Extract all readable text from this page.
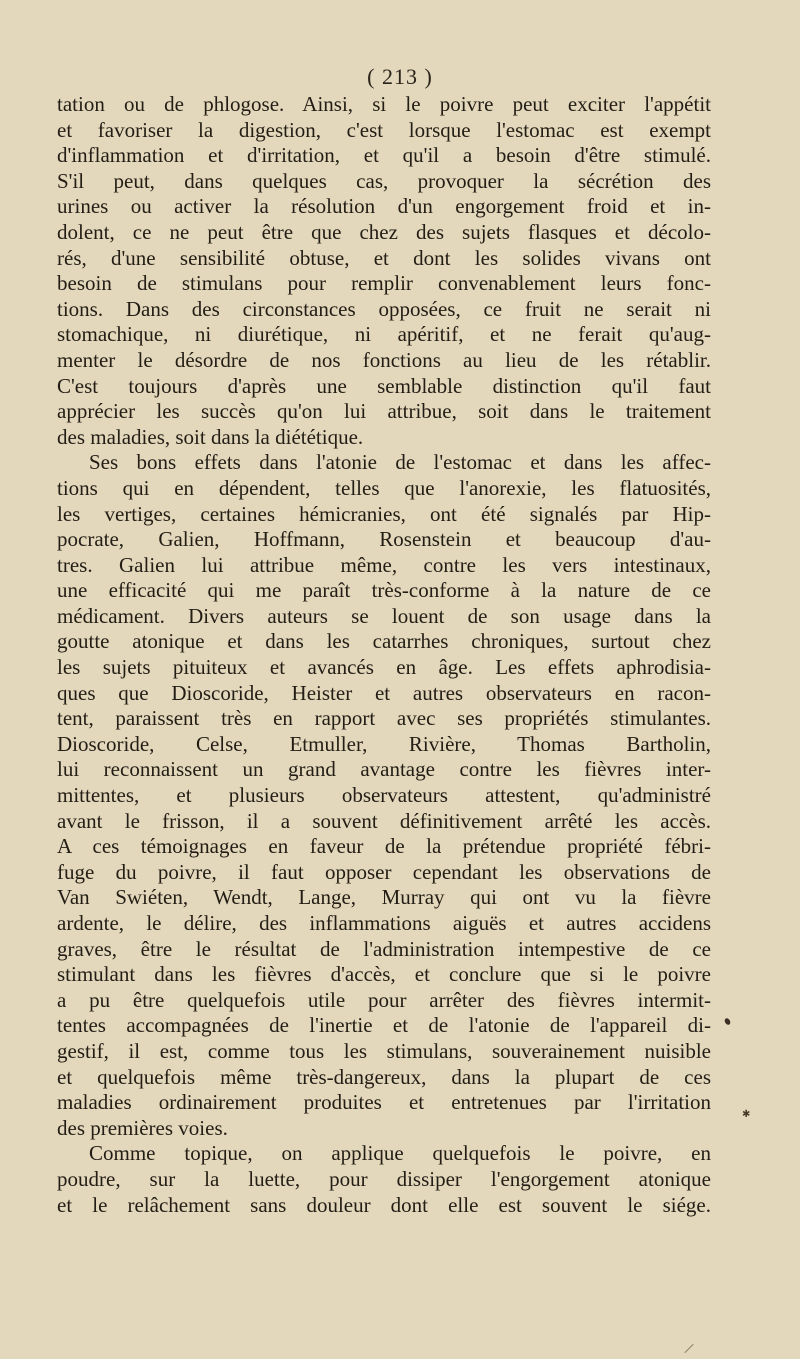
( 213 )
tation ou de phlogose. Ainsi, si le poivre peut exciter l'appétit
et favoriser la digestion, c'est lorsque l'estomac est exempt
d'inflammation et d'irritation, et qu'il a besoin d'être stimulé.
S'il peut, dans quelques cas, provoquer la sécrétion des
urines ou activer la résolution d'un engorgement froid et in-
dolent, ce ne peut être que chez des sujets flasques et décolo-
rés, d'une sensibilité obtuse, et dont les solides vivans ont
besoin de stimulans pour remplir convenablement leurs fonc-
tions. Dans des circonstances opposées, ce fruit ne serait ni
stomachique, ni diurétique, ni apéritif, et ne ferait qu'aug-
menter le désordre de nos fonctions au lieu de les rétablir.
C'est toujours d'après une semblable distinction qu'il faut
apprécier les succès qu'on lui attribue, soit dans le traitement
des maladies, soit dans la diététique.
Ses bons effets dans l'atonie de l'estomac et dans les affec-
tions qui en dépendent, telles que l'anorexie, les flatuosités,
les vertiges, certaines hémicranies, ont été signalés par Hip-
pocrate, Galien, Hoffmann, Rosenstein et beaucoup d'au-
tres. Galien lui attribue même, contre les vers intestinaux,
une efficacité qui me paraît très-conforme à la nature de ce
médicament. Divers auteurs se louent de son usage dans la
goutte atonique et dans les catarrhes chroniques, surtout chez
les sujets pituiteux et avancés en âge. Les effets aphrodisia-
ques que Dioscoride, Heister et autres observateurs en racon-
tent, paraissent très en rapport avec ses propriétés stimulantes.
Dioscoride, Celse, Etmuller, Rivière, Thomas Bartholin,
lui reconnaissent un grand avantage contre les fièvres inter-
mittentes, et plusieurs observateurs attestent, qu'administré
avant le frisson, il a souvent définitivement arrêté les accès.
A ces témoignages en faveur de la prétendue propriété fébri-
fuge du poivre, il faut opposer cependant les observations de
Van Swiéten, Wendt, Lange, Murray qui ont vu la fièvre
ardente, le délire, des inflammations aiguës et autres accidens
graves, être le résultat de l'administration intempestive de ce
stimulant dans les fièvres d'accès, et conclure que si le poivre
a pu être quelquefois utile pour arrêter des fièvres intermit-
tentes accompagnées de l'inertie et de l'atonie de l'appareil di-
gestif, il est, comme tous les stimulans, souverainement nuisible
et quelquefois même très-dangereux, dans la plupart de ces
maladies ordinairement produites et entretenues par l'irritation
des premières voies.
Comme topique, on applique quelquefois le poivre, en
poudre, sur la luette, pour dissiper l'engorgement atonique
et le relâchement sans douleur dont elle est souvent le siége.
✱
